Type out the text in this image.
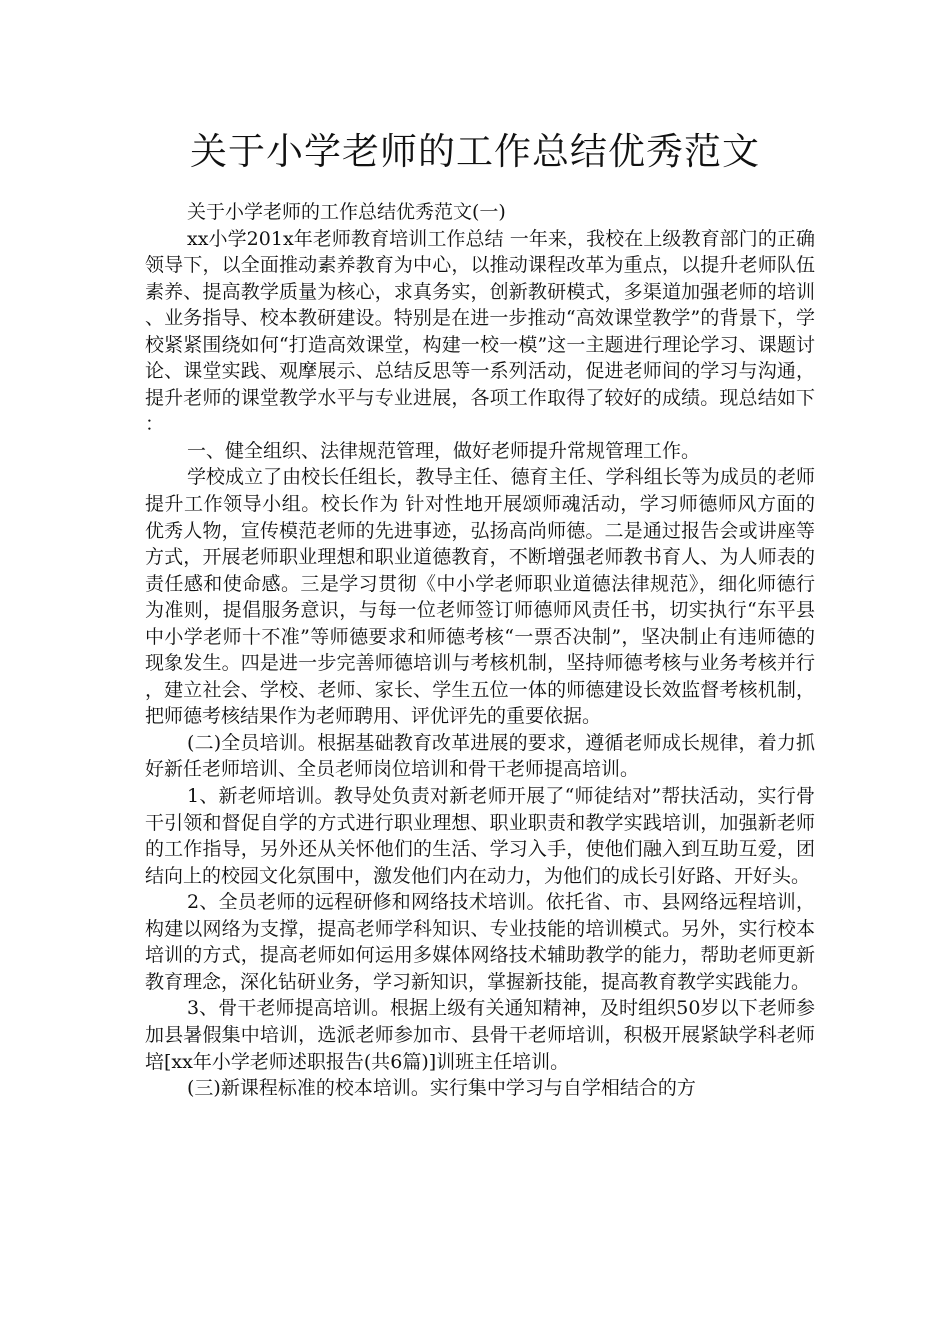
关于小学老师的工作总结优秀范文

关于小学老师的工作总结优秀范文(一)

xx小学201x年老师教育培训工作总结 一年来，我校在上级教育部门的正确领导下，以全面推动素养教育为中心，以推动课程改革为重点，以提升老师队伍素养、提高教学质量为核心，求真务实，创新教研模式，多渠道加强老师的培训、业务指导、校本教研建设。特别是在进一步推动“高效课堂教学”的背景下，学校紧紧围绕如何“打造高效课堂，构建一校一模”这一主题进行理论学习、课题讨论、课堂实践、观摩展示、总结反思等一系列活动，促进老师间的学习与沟通，提升老师的课堂教学水平与专业进展，各项工作取得了较好的成绩。现总结如下：

一、健全组织、法律规范管理，做好老师提升常规管理工作。

学校成立了由校长任组长，教导主任、德育主任、学科组长等为成员的老师提升工作领导小组。校长作为 针对性地开展颂师魂活动，学习师德师风方面的优秀人物，宣传模范老师的先进事迹，弘扬高尚师德。二是通过报告会或讲座等方式，开展老师职业理想和职业道德教育，不断增强老师教书育人、为人师表的责任感和使命感。三是学习贯彻《中小学老师职业道德法律规范》，细化师德行为准则，提倡服务意识，与每一位老师签订师德师风责任书，切实执行“东平县中小学老师十不准”等师德要求和师德考核“一票否决制”，坚决制止有违师德的现象发生。四是进一步完善师德培训与考核机制，坚持师德考核与业务考核并行，建立社会、学校、老师、家长、学生五位一体的师德建设长效监督考核机制，把师德考核结果作为老师聘用、评优评先的重要依据。

(二)全员培训。根据基础教育改革进展的要求，遵循老师成长规律，着力抓好新任老师培训、全员老师岗位培训和骨干老师提高培训。

1、新老师培训。教导处负责对新老师开展了“师徒结对”帮扶活动，实行骨干引领和督促自学的方式进行职业理想、职业职责和教学实践培训，加强新老师的工作指导，另外还从关怀他们的生活、学习入手，使他们融入到互助互爱，团结向上的校园文化氛围中，激发他们内在动力，为他们的成长引好路、开好头。

2、全员老师的远程研修和网络技术培训。依托省、市、县网络远程培训，构建以网络为支撑，提高老师学科知识、专业技能的培训模式。另外，实行校本培训的方式，提高老师如何运用多媒体网络技术辅助教学的能力，帮助老师更新教育理念，深化钻研业务，学习新知识，掌握新技能，提高教育教学实践能力。

3、骨干老师提高培训。根据上级有关通知精神，及时组织50岁以下老师参加县暑假集中培训，选派老师参加市、县骨干老师培训，积极开展紧缺学科老师培[xx年小学老师述职报告(共6篇)]训班主任培训。

(三)新课程标准的校本培训。实行集中学习与自学相结合的方
